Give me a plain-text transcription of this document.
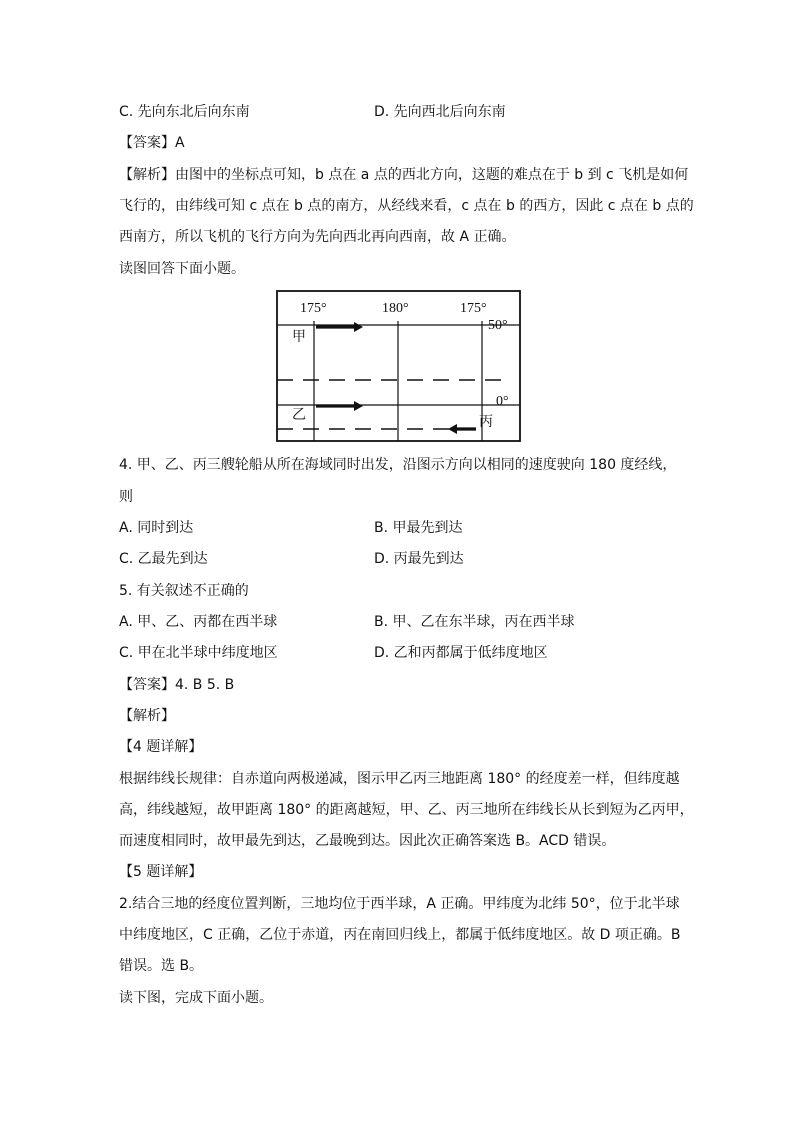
C. 先向东北后向东南	D. 先向西北后向东南
【答案】A
【解析】由图中的坐标点可知，b 点在 a 点的西北方向，这题的难点在于 b 到 c 飞机是如何
飞行的，由纬线可知 c 点在 b 点的南方，从经线来看，c 点在 b 的西方，因此 c 点在 b 点的
西南方，所以飞机的飞行方向为先向西北再向西南，故 A 正确。
读图回答下面小题。
175°	180°	175°
50°
0°
甲
乙	丙
4. 甲、乙、丙三艘轮船从所在海域同时出发，沿图示方向以相同的速度驶向 180 度经线，
则
A. 同时到达	B. 甲最先到达
C. 乙最先到达	D. 丙最先到达
5. 有关叙述不正确的
A. 甲、乙、丙都在西半球	B. 甲、乙在东半球，丙在西半球
C. 甲在北半球中纬度地区	D. 乙和丙都属于低纬度地区
【答案】4. B 5. B
【解析】
【4 题详解】
根据纬线长规律：自赤道向两极递减，图示甲乙丙三地距离 180° 的经度差一样，但纬度越
高，纬线越短，故甲距离 180° 的距离越短，甲、乙、丙三地所在纬线长从长到短为乙丙甲，
而速度相同时，故甲最先到达，乙最晚到达。因此次正确答案选 B。ACD 错误。
【5 题详解】
2.结合三地的经度位置判断，三地均位于西半球，A 正确。甲纬度为北纬 50°，位于北半球
中纬度地区，C 正确，乙位于赤道，丙在南回归线上，都属于低纬度地区。故 D 项正确。B
错误。选 B。
读下图，完成下面小题。
